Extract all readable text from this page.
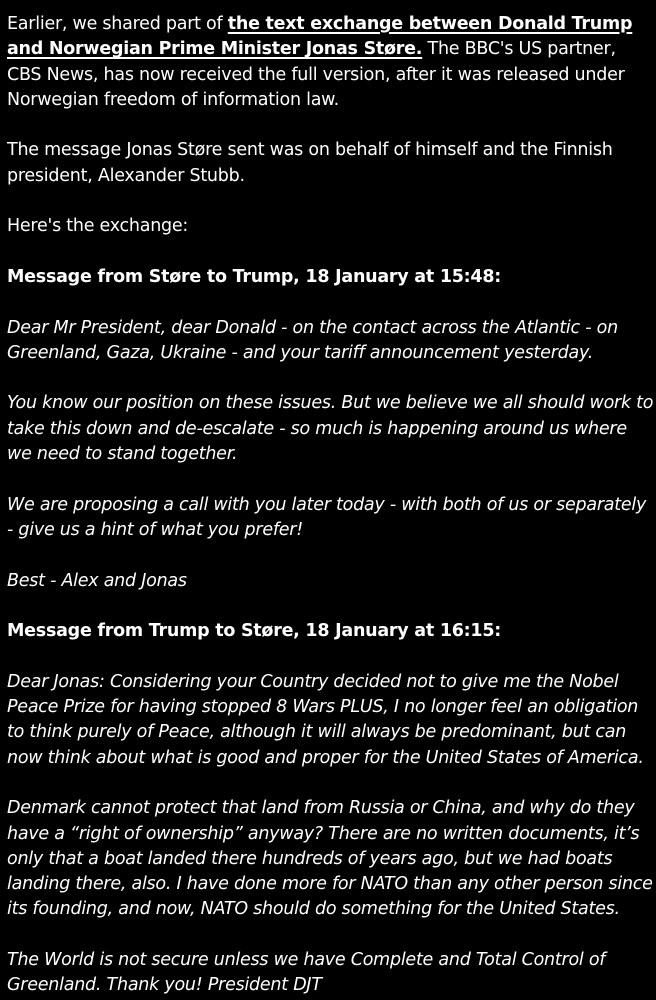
Earlier, we shared part of the text exchange between Donald Trump and Norwegian Prime Minister Jonas Støre. The BBC's US partner, CBS News, has now received the full version, after it was released under Norwegian freedom of information law.

The message Jonas Støre sent was on behalf of himself and the Finnish president, Alexander Stubb.

Here's the exchange:

Message from Støre to Trump, 18 January at 15:48:

Dear Mr President, dear Donald - on the contact across the Atlantic - on Greenland, Gaza, Ukraine - and your tariff announcement yesterday.

You know our position on these issues. But we believe we all should work to take this down and de-escalate - so much is happening around us where we need to stand together.

We are proposing a call with you later today - with both of us or separately - give us a hint of what you prefer!

Best - Alex and Jonas

Message from Trump to Støre, 18 January at 16:15:

Dear Jonas: Considering your Country decided not to give me the Nobel Peace Prize for having stopped 8 Wars PLUS, I no longer feel an obligation to think purely of Peace, although it will always be predominant, but can now think about what is good and proper for the United States of America.

Denmark cannot protect that land from Russia or China, and why do they have a “right of ownership” anyway? There are no written documents, it’s only that a boat landed there hundreds of years ago, but we had boats landing there, also. I have done more for NATO than any other person since its founding, and now, NATO should do something for the United States.

The World is not secure unless we have Complete and Total Control of Greenland. Thank you! President DJT
